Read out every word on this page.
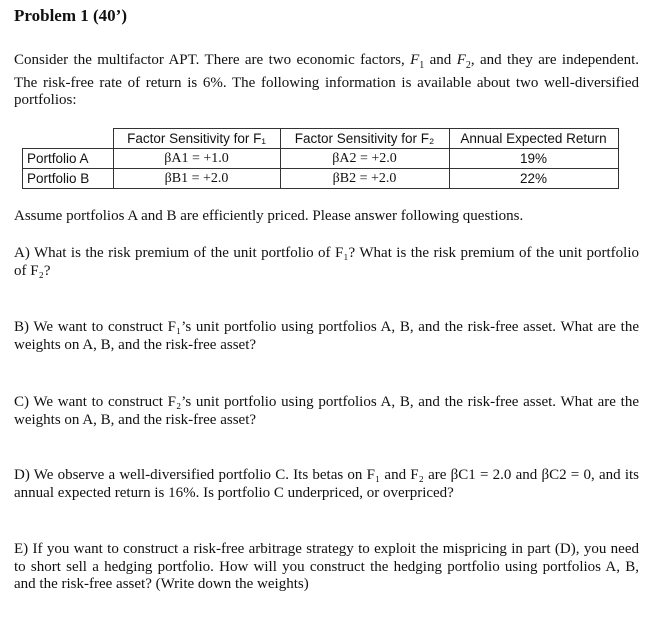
Problem 1 (40’)
Consider the multifactor APT. There are two economic factors, $F_1$ and $F_2$, and they are independent. The risk-free rate of return is 6%. The following information is available about two well-diversified portfolios:
	Factor Sensitivity for F₁	Factor Sensitivity for F₂	Annual Expected Return
Portfolio A	βA1 = +1.0	βA2 = +2.0	19%
Portfolio B	βB1 = +2.0	βB2 = +2.0	22%
Assume portfolios A and B are efficiently priced. Please answer following questions.
A) What is the risk premium of the unit portfolio of F₁? What is the risk premium of the unit portfolio of F₂?
B) We want to construct F₁’s unit portfolio using portfolios A, B, and the risk-free asset. What are the weights on A, B, and the risk-free asset?
C) We want to construct F₂’s unit portfolio using portfolios A, B, and the risk-free asset. What are the weights on A, B, and the risk-free asset?
D) We observe a well-diversified portfolio C. Its betas on F₁ and F₂ are βC1 = 2.0 and βC2 = 0, and its annual expected return is 16%. Is portfolio C underpriced, or overpriced?
E) If you want to construct a risk-free arbitrage strategy to exploit the mispricing in part (D), you need to short sell a hedging portfolio. How will you construct the hedging portfolio using portfolios A, B, and the risk-free asset? (Write down the weights)
